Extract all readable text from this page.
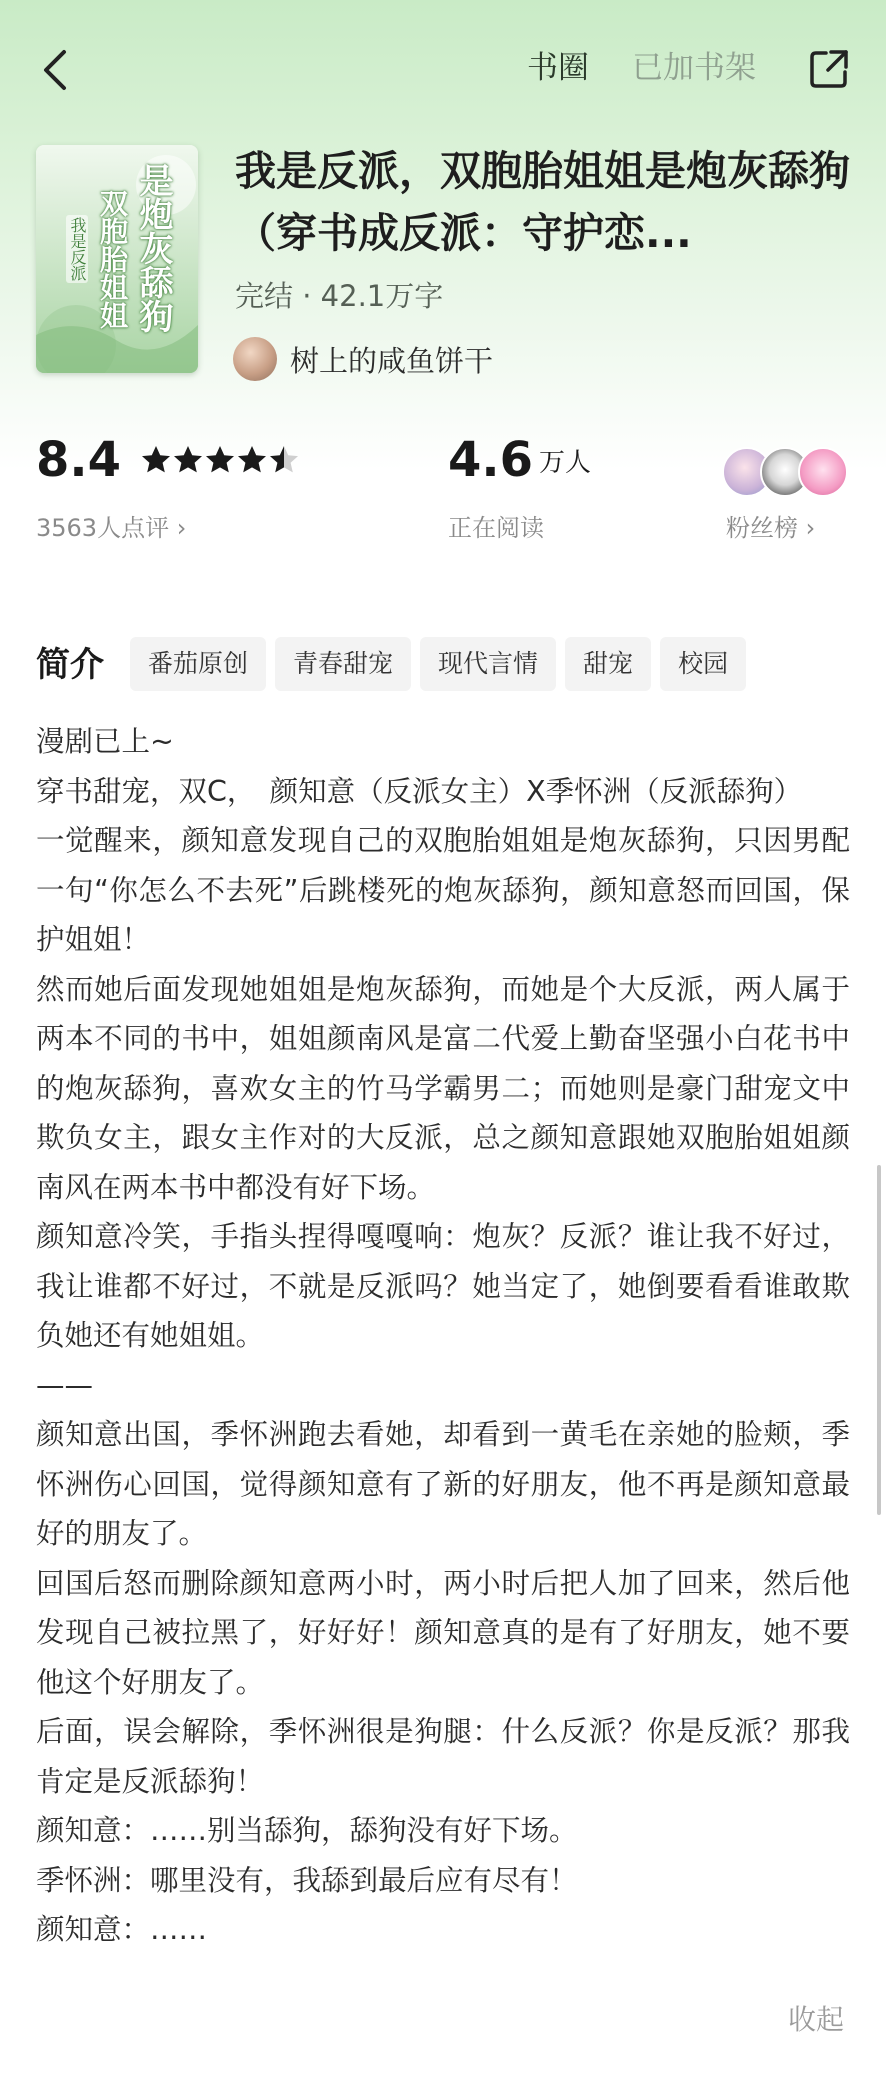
书圈 已加书架
是炮灰舔狗
双胞胎姐姐
我是反派
我是反派，双胞胎姐姐是炮灰舔狗（穿书成反派：守护恋...
完结 · 42.1万字
树上的咸鱼饼干
8.4
3563人点评 ›
4.6 万人
正在阅读	粉丝榜 ›
简介	番茄原创	青春甜宠	现代言情	甜宠	校园
漫剧已上~
穿书甜宠，双C，　颜知意（反派女主）X季怀洲（反派舔狗）
一觉醒来，颜知意发现自己的双胞胎姐姐是炮灰舔狗，只因男配一句“你怎么不去死”后跳楼死的炮灰舔狗，颜知意怒而回国，保护姐姐！
然而她后面发现她姐姐是炮灰舔狗，而她是个大反派，两人属于两本不同的书中，姐姐颜南风是富二代爱上勤奋坚强小白花书中的炮灰舔狗，喜欢女主的竹马学霸男二；而她则是豪门甜宠文中欺负女主，跟女主作对的大反派，总之颜知意跟她双胞胎姐姐颜南风在两本书中都没有好下场。
颜知意冷笑，手指头捏得嘎嘎响：炮灰？反派？谁让我不好过，我让谁都不好过，不就是反派吗？她当定了，她倒要看看谁敢欺负她还有她姐姐。
——
颜知意出国，季怀洲跑去看她，却看到一黄毛在亲她的脸颊，季怀洲伤心回国，觉得颜知意有了新的好朋友，他不再是颜知意最好的朋友了。
回国后怒而删除颜知意两小时，两小时后把人加了回来，然后他发现自己被拉黑了，好好好！颜知意真的是有了好朋友，她不要他这个好朋友了。
后面，误会解除，季怀洲很是狗腿：什么反派？你是反派？那我肯定是反派舔狗！
颜知意：……别当舔狗，舔狗没有好下场。
季怀洲：哪里没有，我舔到最后应有尽有！
颜知意：……
收起
